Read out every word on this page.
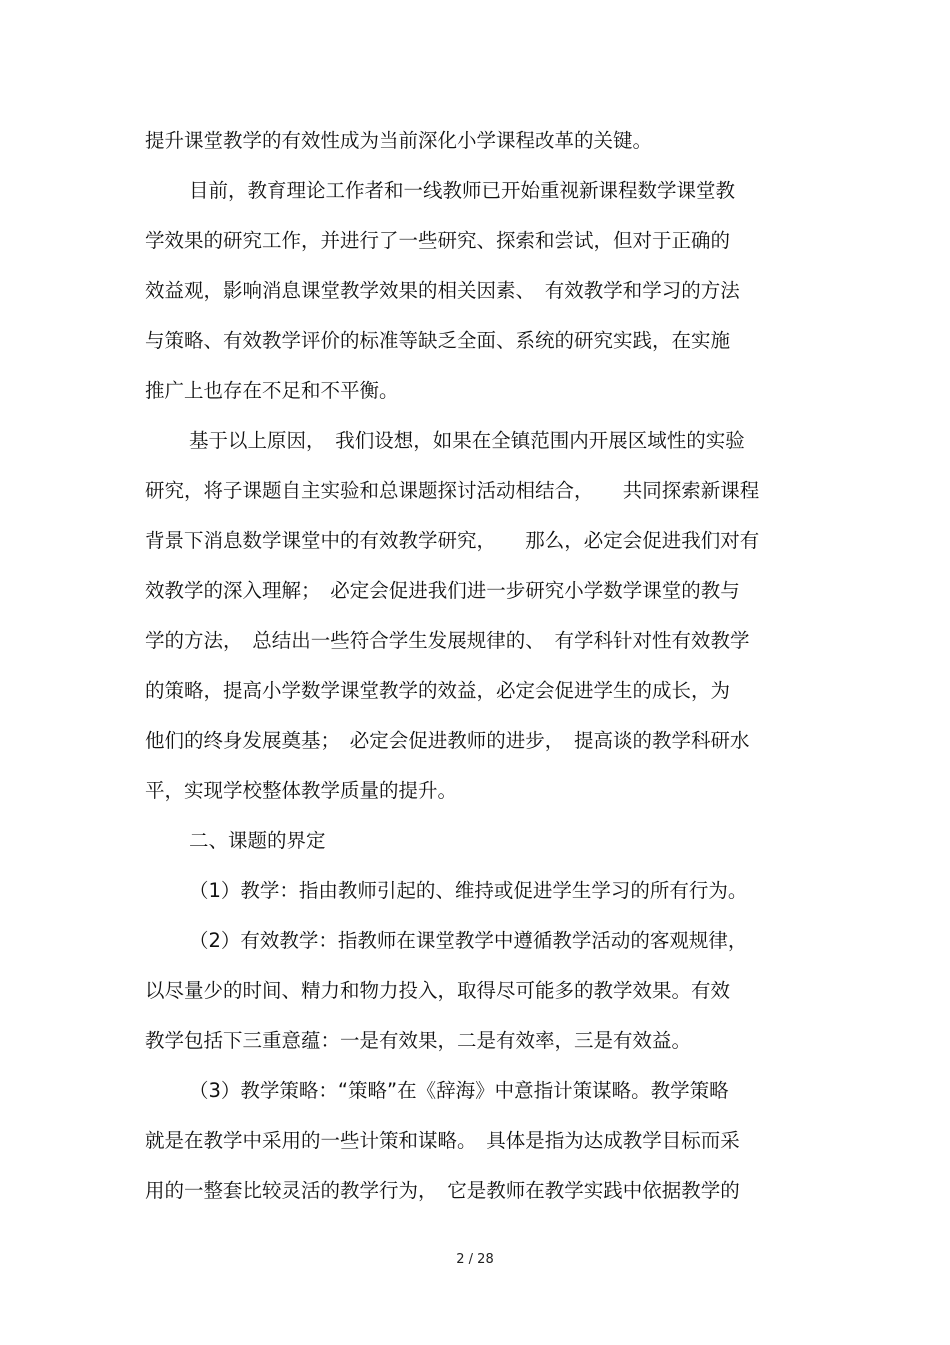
提升课堂教学的有效性成为当前深化小学课程改革的关键。
目前，教育理论工作者和一线教师已开始重视新课程数学课堂教
学效果的研究工作，并进行了一些研究、探索和尝试，但对于正确的
效益观，影响消息课堂教学效果的相关因素、　有效教学和学习的方法
与策略、有效教学评价的标准等缺乏全面、系统的研究实践，在实施
推广上也存在不足和不平衡。
基于以上原因，　我们设想，如果在全镇范围内开展区域性的实验
研究，将子课题自主实验和总课题探讨活动相结合，　　共同探索新课程
背景下消息数学课堂中的有效教学研究，　　那么，必定会促进我们对有
效教学的深入理解；　必定会促进我们进一步研究小学数学课堂的教与
学的方法，　总结出一些符合学生发展规律的、　有学科针对性有效教学
的策略，提高小学数学课堂教学的效益，必定会促进学生的成长，为
他们的终身发展奠基；　必定会促进教师的进步，　提高谈的教学科研水
平，实现学校整体教学质量的提升。
二、课题的界定
（1）教学：指由教师引起的、维持或促进学生学习的所有行为。
（2）有效教学：指教师在课堂教学中遵循教学活动的客观规律，
以尽量少的时间、精力和物力投入，取得尽可能多的教学效果。有效
教学包括下三重意蕴：一是有效果，二是有效率，三是有效益。
（3）教学策略：“策略”在《辞海》中意指计策谋略。教学策略
就是在教学中采用的一些计策和谋略。　具体是指为达成教学目标而采
用的一整套比较灵活的教学行为，　它是教师在教学实践中依据教学的
2 / 28
